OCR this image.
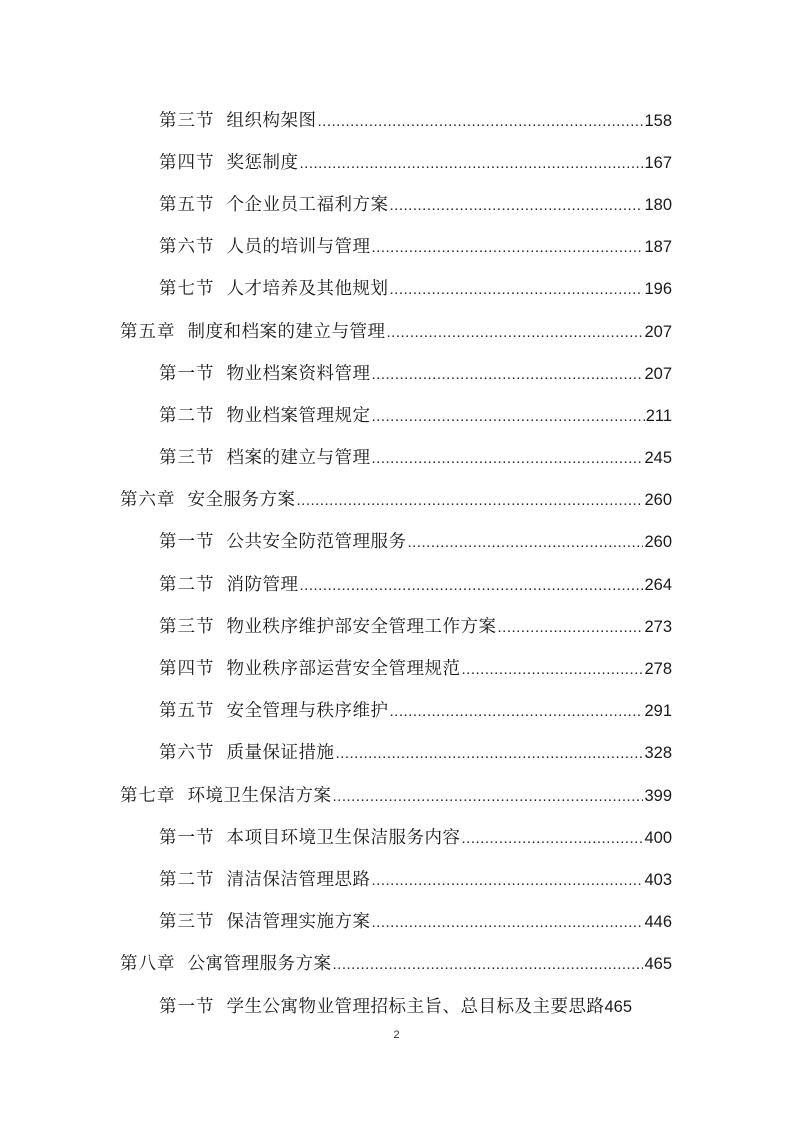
第三节 组织构架图 .....	158
第四节 奖惩制度 .....	167
第五节 个企业员工福利方案 .....	180
第六节 人员的培训与管理 .....	187
第七节 人才培养及其他规划 .....	196
第五章 制度和档案的建立与管理 .....	207
第一节 物业档案资料管理 .....	207
第二节 物业档案管理规定 .....	211
第三节 档案的建立与管理 .....	245
第六章 安全服务方案 .....	260
第一节 公共安全防范管理服务 .....	260
第二节 消防管理 .....	264
第三节 物业秩序维护部安全管理工作方案 .....	273
第四节 物业秩序部运营安全管理规范 .....	278
第五节 安全管理与秩序维护 .....	291
第六节 质量保证措施 .....	328
第七章 环境卫生保洁方案 .....	399
第一节 本项目环境卫生保洁服务内容 .....	400
第二节 清洁保洁管理思路 .....	403
第三节 保洁管理实施方案 .....	446
第八章 公寓管理服务方案 .....	465
第一节 学生公寓物业管理招标主旨、总目标及主要思路 465
2
